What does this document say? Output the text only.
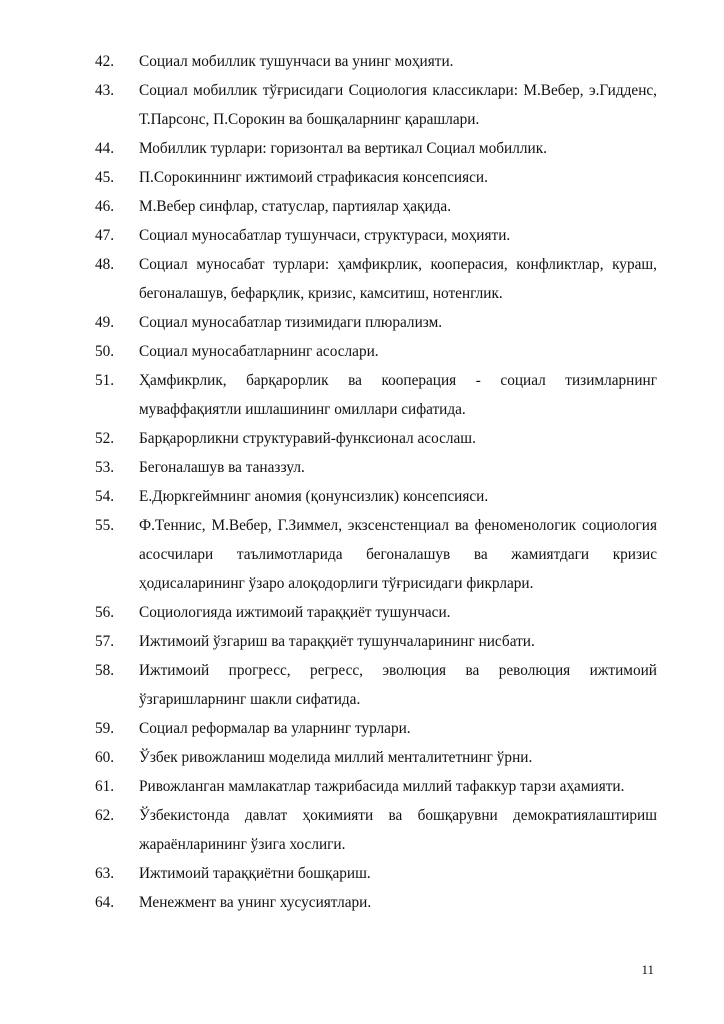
42.	Социал мобиллик тушунчаси ва унинг моҳияти.
43.	Социал мобиллик тўғрисидаги Социология классиклари: М.Вебер, э.Гидденс, Т.Парсонс, П.Сорокин ва бошқаларнинг қарашлари.
44.	Мобиллик турлари: горизонтал ва вертикал Социал мобиллик.
45.	П.Сорокиннинг ижтимоий страфикасия консепсияси.
46.	М.Вебер синфлар, статуслар, партиялар ҳақида.
47.	Социал муносабатлар тушунчаси, структураси, моҳияти.
48.	Социал муносабат турлари: ҳамфикрлик, кооперасия, конфликтлар, кураш, бегоналашув, бефарқлик, кризис, камситиш, нотенглик.
49.	Социал муносабатлар тизимидаги плюрализм.
50.	Социал муносабатларнинг асослари.
51.	Ҳамфикрлик, барқарорлик ва кооперация - социал тизимларнинг муваффақиятли ишлашининг омиллари сифатида.
52.	Барқарорликни структуравий-функсионал асослаш.
53.	Бегоналашув ва таназзул.
54.	Е.Дюркгеймнинг аномия (қонунсизлик) консепсияси.
55.	Ф.Теннис, М.Вебер, Г.Зиммел, экзсенстенциал ва феноменологик социология асосчилари таълимотларида бегоналашув ва жамиятдаги кризис ҳодисаларининг ўзаро алоқодорлиги тўғрисидаги фикрлари.
56.	Социологияда ижтимоий тараққиёт тушунчаси.
57.	Ижтимоий ўзгариш ва тараққиёт тушунчаларининг нисбати.
58.	Ижтимоий прогресс, регресс, эволюция ва революция ижтимоий ўзгаришларнинг шакли сифатида.
59.	Социал реформалар ва уларнинг турлари.
60.	Ўзбек ривожланиш моделида миллий менталитетнинг ўрни.
61.	Ривожланган мамлакатлар тажрибасида миллий тафаккур тарзи аҳамияти.
62.	Ўзбекистонда давлат ҳокимияти ва бошқарувни демократиялаштириш жараёнларининг ўзига хослиги.
63.	Ижтимоий тараққиётни бошқариш.
64.	Менежмент ва унинг хусусиятлари.
11
